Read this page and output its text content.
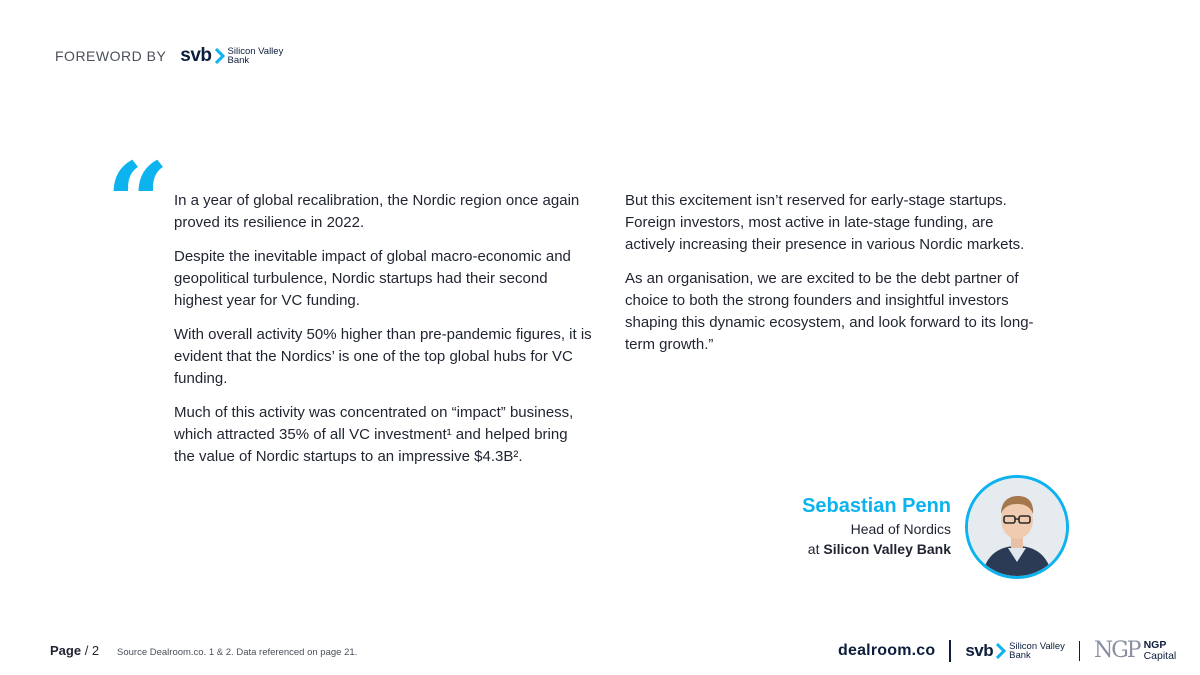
FOREWORD BY svb Silicon Valley
Bank
“ In a year of global recalibration, the Nordic region once again proved its resilience in 2022.

Despite the inevitable impact of global macro-economic and geopolitical turbulence, Nordic startups had their second highest year for VC funding.

With overall activity 50% higher than pre-pandemic figures, it is evident that the Nordics’ is one of the top global hubs for VC funding.

Much of this activity was concentrated on “impact” business, which attracted 35% of all VC investment¹ and helped bring the value of Nordic startups to an impressive $4.3B².

But this excitement isn’t reserved for early-stage startups. Foreign investors, most active in late-stage funding, are actively increasing their presence in various Nordic markets.

As an organisation, we are excited to be the debt partner of choice to both the strong founders and insightful investors shaping this dynamic ecosystem, and look forward to its long-term growth.”

Sebastian Penn
Head of Nordics
at Silicon Valley Bank
Page / 2 Source Dealroom.co. 1 & 2. Data referenced on page 21.	dealroom.co svb Silicon Valley
Bank	NGP NGP
Capital
